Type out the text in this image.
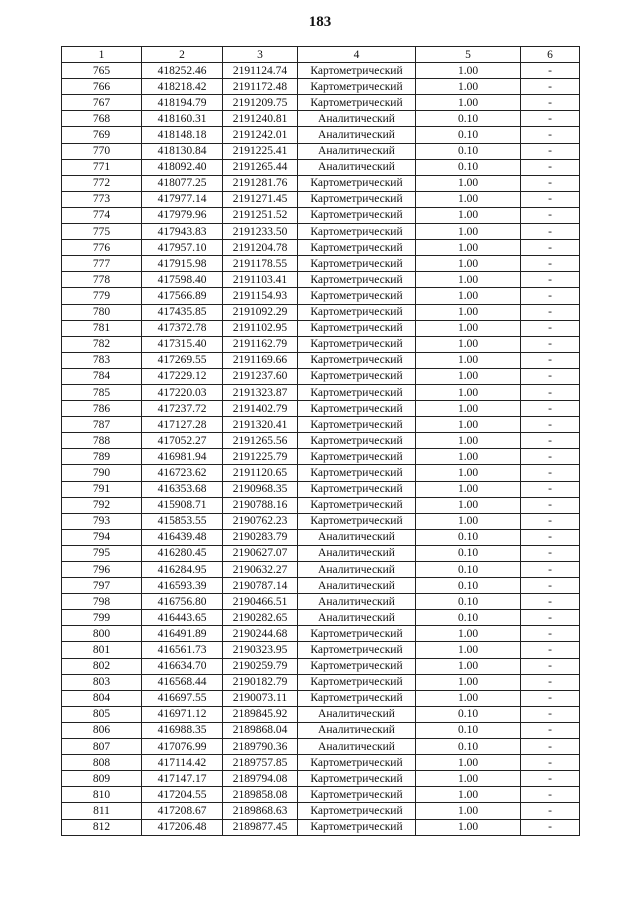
183
1	2	3	4	5	6
765	418252.46	2191124.74	Картометрический	1.00	-
766	418218.42	2191172.48	Картометрический	1.00	-
767	418194.79	2191209.75	Картометрический	1.00	-
768	418160.31	2191240.81	Аналитический	0.10	-
769	418148.18	2191242.01	Аналитический	0.10	-
770	418130.84	2191225.41	Аналитический	0.10	-
771	418092.40	2191265.44	Аналитический	0.10	-
772	418077.25	2191281.76	Картометрический	1.00	-
773	417977.14	2191271.45	Картометрический	1.00	-
774	417979.96	2191251.52	Картометрический	1.00	-
775	417943.83	2191233.50	Картометрический	1.00	-
776	417957.10	2191204.78	Картометрический	1.00	-
777	417915.98	2191178.55	Картометрический	1.00	-
778	417598.40	2191103.41	Картометрический	1.00	-
779	417566.89	2191154.93	Картометрический	1.00	-
780	417435.85	2191092.29	Картометрический	1.00	-
781	417372.78	2191102.95	Картометрический	1.00	-
782	417315.40	2191162.79	Картометрический	1.00	-
783	417269.55	2191169.66	Картометрический	1.00	-
784	417229.12	2191237.60	Картометрический	1.00	-
785	417220.03	2191323.87	Картометрический	1.00	-
786	417237.72	2191402.79	Картометрический	1.00	-
787	417127.28	2191320.41	Картометрический	1.00	-
788	417052.27	2191265.56	Картометрический	1.00	-
789	416981.94	2191225.79	Картометрический	1.00	-
790	416723.62	2191120.65	Картометрический	1.00	-
791	416353.68	2190968.35	Картометрический	1.00	-
792	415908.71	2190788.16	Картометрический	1.00	-
793	415853.55	2190762.23	Картометрический	1.00	-
794	416439.48	2190283.79	Аналитический	0.10	-
795	416280.45	2190627.07	Аналитический	0.10	-
796	416284.95	2190632.27	Аналитический	0.10	-
797	416593.39	2190787.14	Аналитический	0.10	-
798	416756.80	2190466.51	Аналитический	0.10	-
799	416443.65	2190282.65	Аналитический	0.10	-
800	416491.89	2190244.68	Картометрический	1.00	-
801	416561.73	2190323.95	Картометрический	1.00	-
802	416634.70	2190259.79	Картометрический	1.00	-
803	416568.44	2190182.79	Картометрический	1.00	-
804	416697.55	2190073.11	Картометрический	1.00	-
805	416971.12	2189845.92	Аналитический	0.10	-
806	416988.35	2189868.04	Аналитический	0.10	-
807	417076.99	2189790.36	Аналитический	0.10	-
808	417114.42	2189757.85	Картометрический	1.00	-
809	417147.17	2189794.08	Картометрический	1.00	-
810	417204.55	2189858.08	Картометрический	1.00	-
811	417208.67	2189868.63	Картометрический	1.00	-
812	417206.48	2189877.45	Картометрический	1.00	-
